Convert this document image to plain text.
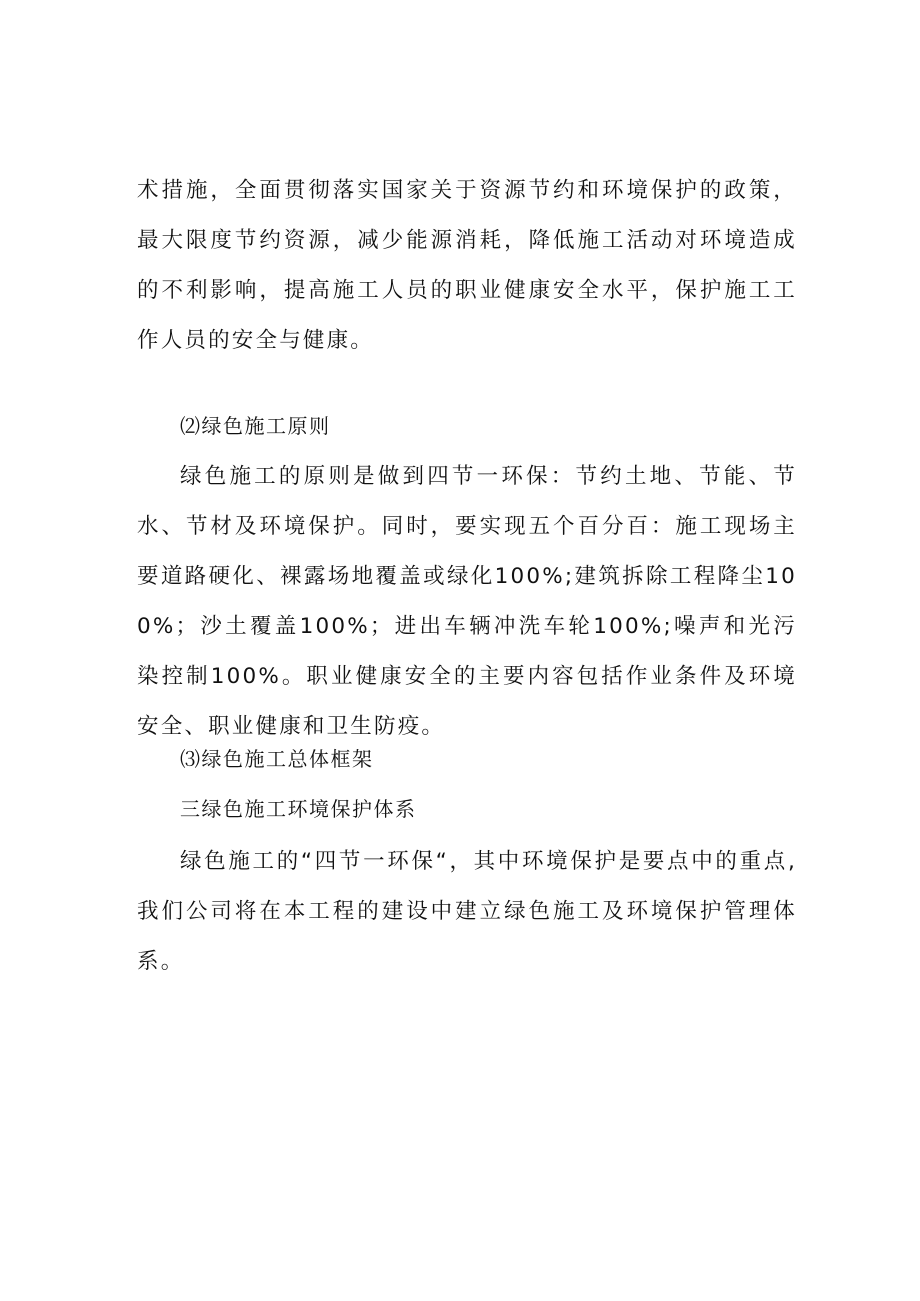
术措施，全面贯彻落实国家关于资源节约和环境保护的政策，最大限度节约资源，减少能源消耗，降低施工活动对环境造成的不利影响，提高施工人员的职业健康安全水平，保护施工工作人员的安全与健康。

⑵绿色施工原则

绿色施工的原则是做到四节一环保：节约土地、节能、节水、节材及环境保护。同时，要实现五个百分百：施工现场主要道路硬化、裸露场地覆盖或绿化100%;建筑拆除工程降尘100%；沙土覆盖100%；进出车辆冲洗车轮100%;噪声和光污染控制100%。职业健康安全的主要内容包括作业条件及环境安全、职业健康和卫生防疫。

⑶绿色施工总体框架

三绿色施工环境保护体系

绿色施工的“四节一环保“，其中环境保护是要点中的重点,我们公司将在本工程的建设中建立绿色施工及环境保护管理体系。
